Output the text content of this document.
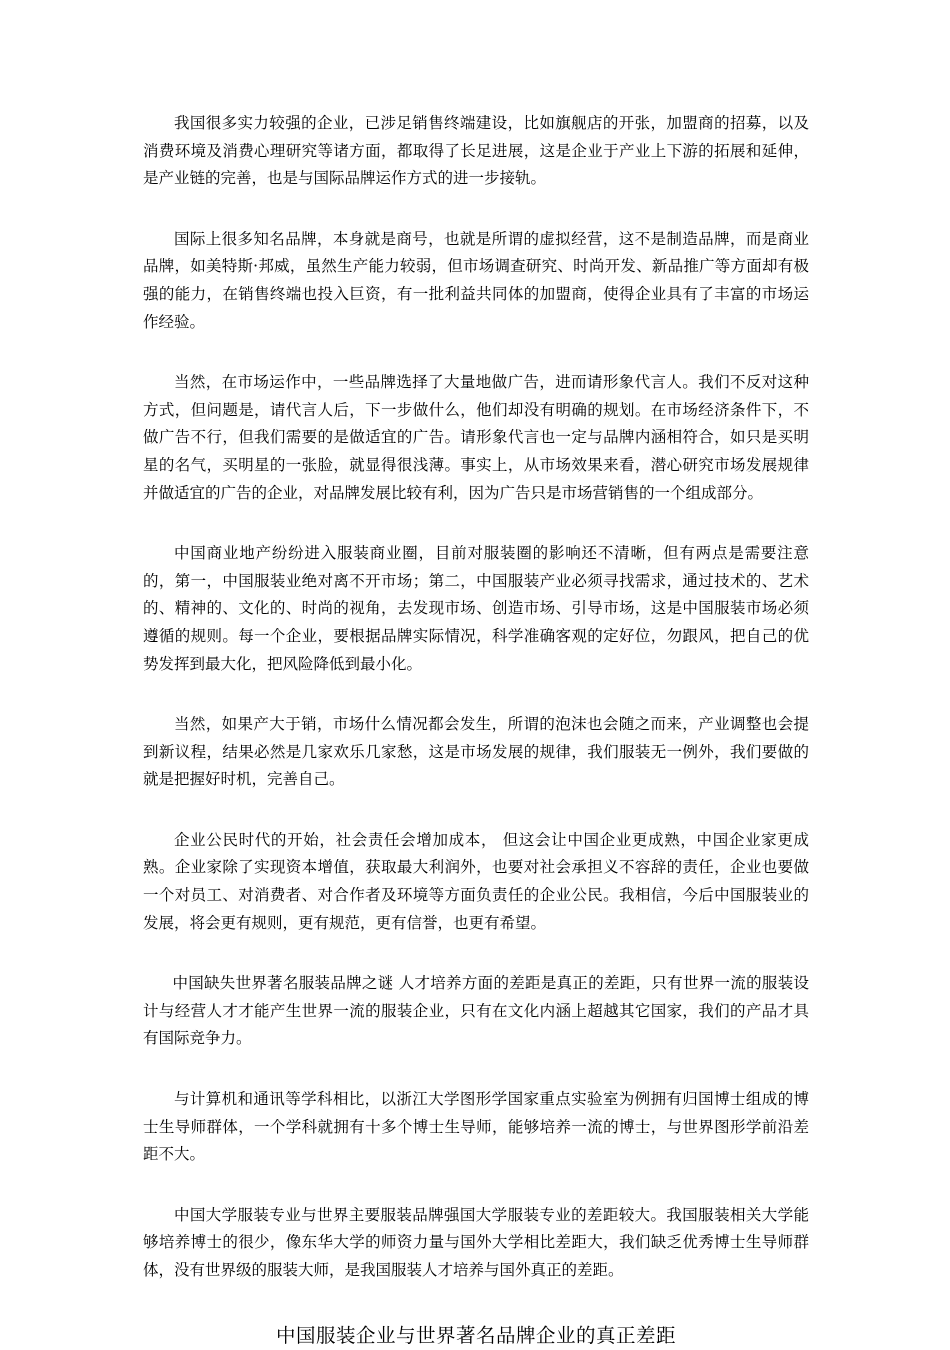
我国很多实力较强的企业，已涉足销售终端建设，比如旗舰店的开张，加盟商的招募，以及消费环境及消费心理研究等诸方面，都取得了长足进展，这是企业于产业上下游的拓展和延伸，是产业链的完善，也是与国际品牌运作方式的进一步接轨。

国际上很多知名品牌，本身就是商号，也就是所谓的虚拟经营，这不是制造品牌，而是商业品牌，如美特斯·邦威，虽然生产能力较弱，但市场调查研究、时尚开发、新品推广等方面却有极强的能力，在销售终端也投入巨资，有一批利益共同体的加盟商，使得企业具有了丰富的市场运作经验。

当然，在市场运作中，一些品牌选择了大量地做广告，进而请形象代言人。我们不反对这种方式，但问题是，请代言人后，下一步做什么，他们却没有明确的规划。在市场经济条件下，不做广告不行，但我们需要的是做适宜的广告。请形象代言也一定与品牌内涵相符合，如只是买明星的名气，买明星的一张脸，就显得很浅薄。事实上，从市场效果来看，潜心研究市场发展规律并做适宜的广告的企业，对品牌发展比较有利，因为广告只是市场营销售的一个组成部分。

中国商业地产纷纷进入服装商业圈，目前对服装圈的影响还不清晰，但有两点是需要注意的，第一，中国服装业绝对离不开市场；第二，中国服装产业必须寻找需求，通过技术的、艺术的、精神的、文化的、时尚的视角，去发现市场、创造市场、引导市场，这是中国服装市场必须遵循的规则。每一个企业，要根据品牌实际情况，科学准确客观的定好位，勿跟风，把自己的优势发挥到最大化，把风险降低到最小化。

当然，如果产大于销，市场什么情况都会发生，所谓的泡沫也会随之而来，产业调整也会提到新议程，结果必然是几家欢乐几家愁，这是市场发展的规律，我们服装无一例外，我们要做的就是把握好时机，完善自己。

企业公民时代的开始，社会责任会增加成本， 但这会让中国企业更成熟，中国企业家更成熟。企业家除了实现资本增值，获取最大利润外，也要对社会承担义不容辞的责任，企业也要做一个对员工、对消费者、对合作者及环境等方面负责任的企业公民。我相信，今后中国服装业的发展，将会更有规则，更有规范，更有信誉，也更有希望。

中国缺失世界著名服装品牌之谜 人才培养方面的差距是真正的差距，只有世界一流的服装设计与经营人才才能产生世界一流的服装企业，只有在文化内涵上超越其它国家，我们的产品才具有国际竞争力。

与计算机和通讯等学科相比，以浙江大学图形学国家重点实验室为例拥有归国博士组成的博士生导师群体，一个学科就拥有十多个博士生导师，能够培养一流的博士，与世界图形学前沿差距不大。

中国大学服装专业与世界主要服装品牌强国大学服装专业的差距较大。我国服装相关大学能够培养博士的很少，像东华大学的师资力量与国外大学相比差距大，我们缺乏优秀博士生导师群体，没有世界级的服装大师，是我国服装人才培养与国外真正的差距。

中国服装企业与世界著名品牌企业的真正差距
